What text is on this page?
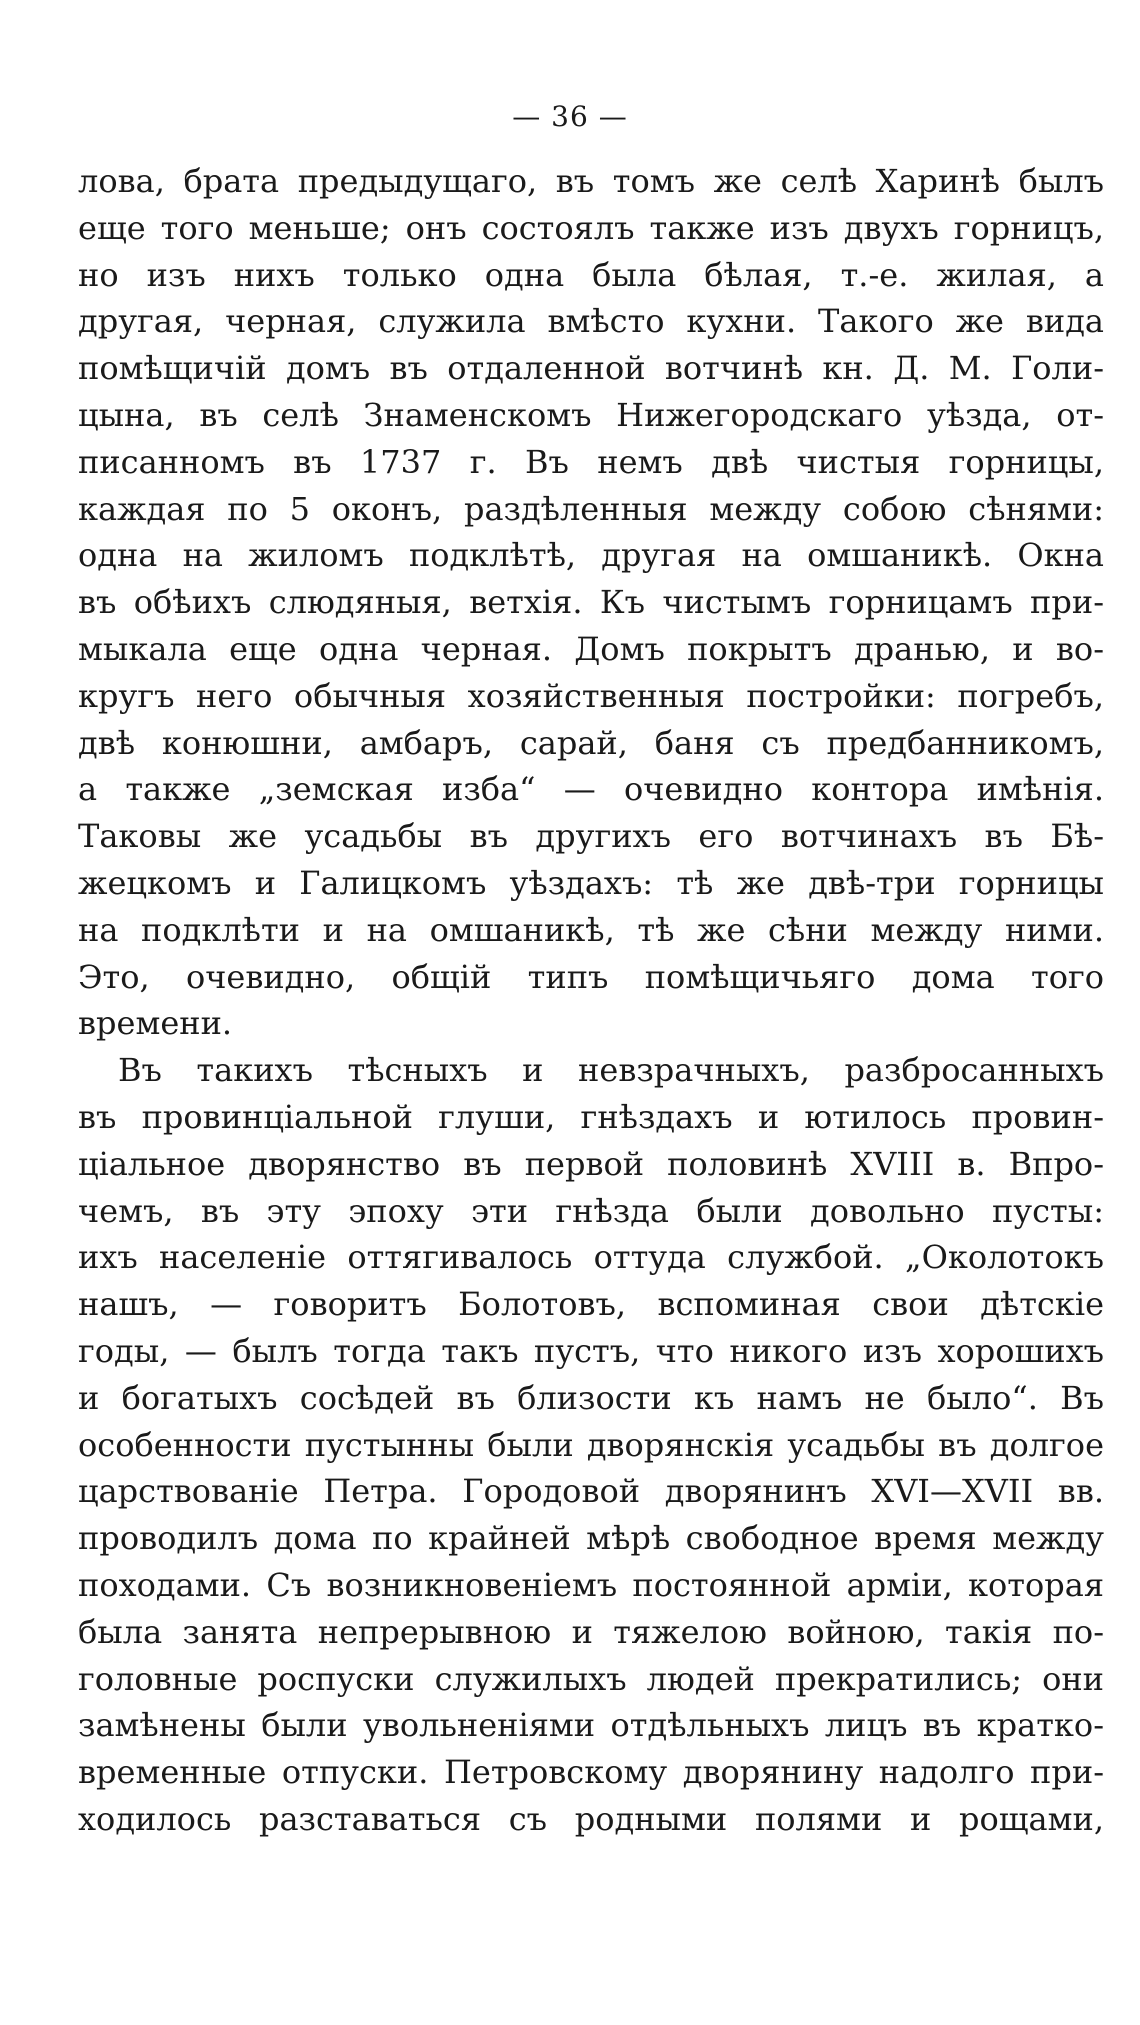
— 36 —
лова, брата предыдущаго, въ томъ же селѣ Харинѣ былъ
еще того меньше; онъ состоялъ также изъ двухъ горницъ,
но изъ нихъ только одна была бѣлая, т.-е. жилая, а
другая, черная, служила вмѣсто кухни. Такого же вида
помѣщичій домъ въ отдаленной вотчинѣ кн. Д. М. Голи-
цына, въ селѣ Знаменскомъ Нижегородскаго уѣзда, от-
писанномъ въ 1737 г. Въ немъ двѣ чистыя горницы,
каждая по 5 оконъ, раздѣленныя между собою сѣнями:
одна на жиломъ подклѣтѣ, другая на омшаникѣ. Окна
въ обѣихъ слюдяныя, ветхія. Къ чистымъ горницамъ при-
мыкала еще одна черная. Домъ покрытъ дранью, и во-
кругъ него обычныя хозяйственныя постройки: погребъ,
двѣ конюшни, амбаръ, сарай, баня съ предбанникомъ,
а также „земская изба“ — очевидно контора имѣнія.
Таковы же усадьбы въ другихъ его вотчинахъ въ Бѣ-
жецкомъ и Галицкомъ уѣздахъ: тѣ же двѣ-три горницы
на подклѣти и на омшаникѣ, тѣ же сѣни между ними.
Это, очевидно, общій типъ помѣщичьяго дома того
времени.
Въ такихъ тѣсныхъ и невзрачныхъ, разбросанныхъ
въ провинціальной глуши, гнѣздахъ и ютилось провин-
ціальное дворянство въ первой половинѣ XVIII в. Впро-
чемъ, въ эту эпоху эти гнѣзда были довольно пусты:
ихъ населеніе оттягивалось оттуда службой. „Околотокъ
нашъ, — говоритъ Болотовъ, вспоминая свои дѣтскіе
годы, — былъ тогда такъ пустъ, что никого изъ хорошихъ
и богатыхъ сосѣдей въ близости къ намъ не было“. Въ
особенности пустынны были дворянскія усадьбы въ долгое
царствованіе Петра. Городовой дворянинъ XVI—XVII вв.
проводилъ дома по крайней мѣрѣ свободное время между
походами. Съ возникновеніемъ постоянной арміи, которая
была занята непрерывною и тяжелою войною, такія по-
головные роспуски служилыхъ людей прекратились; они
замѣнены были увольненіями отдѣльныхъ лицъ въ кратко-
временные отпуски. Петровскому дворянину надолго при-
ходилось разставаться съ родными полями и рощами,
